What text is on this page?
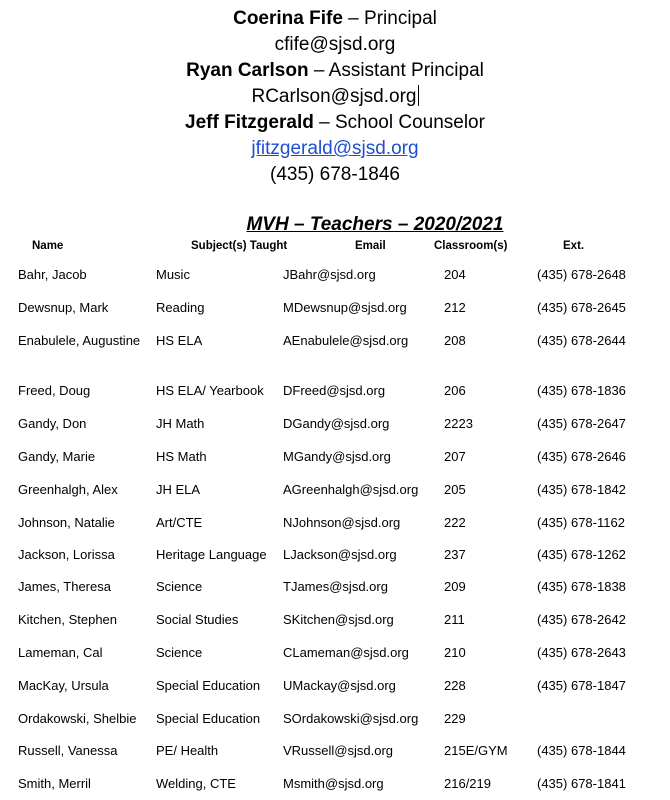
Coerina Fife – Principal
cfife@sjsd.org
Ryan Carlson – Assistant Principal
RCarlson@sjsd.org
Jeff Fitzgerald – School Counselor
jfitzgerald@sjsd.org
(435) 678-1846
MVH – Teachers – 2020/2021
Name	Subject(s) Taught	Email	Classroom(s)	Ext.
Bahr, Jacob	Music	JBahr@sjsd.org	204	(435) 678-2648
Dewsnup, Mark	Reading	MDewsnup@sjsd.org	212	(435) 678-2645
Enabulele, Augustine	HS ELA	AEnabulele@sjsd.org	208	(435) 678-2644
Freed, Doug	HS ELA/ Yearbook DFreed@sjsd.org	206	(435) 678-1836
Gandy, Don	JH Math	DGandy@sjsd.org	2223	(435) 678-2647
Gandy, Marie	HS Math	MGandy@sjsd.org	207	(435) 678-2646
Greenhalgh, Alex	JH ELA	AGreenhalgh@sjsd.org 205	(435) 678-1842
Johnson, Natalie	Art/CTE	NJohnson@sjsd.org	222	(435) 678-1162
Jackson, Lorissa	Heritage Language LJackson@sjsd.org	237	(435) 678-1262
James, Theresa	Science	TJames@sjsd.org	209	(435) 678-1838
Kitchen, Stephen	Social Studies	SKitchen@sjsd.org	211	(435) 678-2642
Lameman, Cal	Science	CLameman@sjsd.org	210	(435) 678-2643
MacKay, Ursula	Special Education UMackay@sjsd.org	228	(435) 678-1847
Ordakowski, Shelbie	Special Education SOrdakowski@sjsd.org 229
Russell, Vanessa	PE/ Health	VRussell@sjsd.org	215E/GYM (435) 678-1844
Smith, Merril	Welding, CTE	Msmith@sjsd.org	216/219	(435) 678-1841
